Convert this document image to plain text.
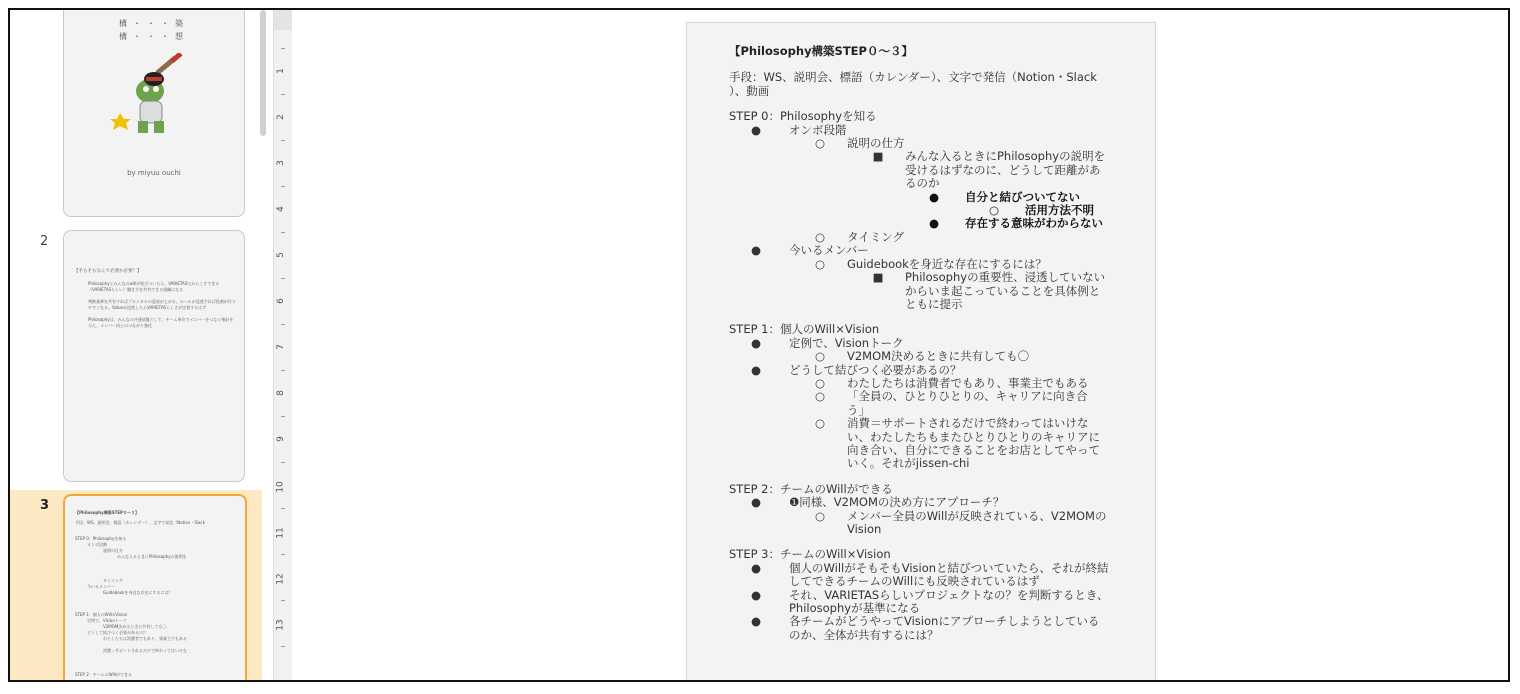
構・・・築
構・・・想
by miyuu ouchi
2
【そもそもなんで必要か必要？】
Philosophyとみんなのwillが結びついたら、VARIETASだからこそできる（VARIETASらしい）働き方を共有できる組織になる
判断基準を共有すればプロトカルの意欲が上がる。ルールが浸透すれば役割が作りやすくなる。Valueが浸透したらVARIETASらしさが定着するはず
Philosophyは、みんなの共通基盤として、チーム単位でメンバーをつなぐ指針を与え、メンバー同士のつながり強化
3	【Philosophy構築STEP０～３】
手段：WS、説明会、標語（カレンダー）、文字で発信（Notion・Slack
STEP 0：Philosophyを知る
オンボ段階
説明の仕方
みんな入るときにPhilosophyの説明を
タイミング
今いるメンバー
Guidebookを身近な存在にするには？
STEP 1：個人のWill×Vision
定例で、Visionトーク
V2MOM決めるときに共有しても〇
どうして結びつく必要があるの？
わたしたちは消費者でもあり、事業主でもある
消費＝サポートされるだけで終わってはいけな
STEP 2：チームのWillができる
1
2
3
4
5
6
7
8
9
10
11
12
13
【Philosophy構築STEP０～３】
手段：WS、説明会、標語（カレンダー）、文字で発信（Notion・Slack
）、動画
STEP 0：Philosophyを知る
● オンボ段階
○ 説明の仕方
■ みんな入るときにPhilosophyの説明を
受けるはずなのに、どうして距離があ
るのか
● 自分と結びついてない
○ 活用方法不明
● 存在する意味がわからない
○ タイミング
● 今いるメンバー
○ Guidebookを身近な存在にするには？
■ Philosophyの重要性、浸透していない
からいま起こっていることを具体例と
ともに提示
STEP 1：個人のWill×Vision
● 定例で、Visionトーク
○ V2MOM決めるときに共有しても〇
● どうして結びつく必要があるの？
○ わたしたちは消費者でもあり、事業主でもある
○ 「全員の、ひとりひとりの、キャリアに向き合
う」
○ 消費＝サポートされるだけで終わってはいけな
い、わたしたちもまたひとりひとりのキャリアに
向き合い、自分にできることをお店としてやって
いく。それがjissen-chi
STEP 2：チームのWillができる
● ❶同様、V2MOMの決め方にアプローチ？
○ メンバー全員のWillが反映されている、V2MOMの
Vision
STEP 3：チームのWill×Vision
● 個人のWillがそもそもVisionと結びついていたら、それが終結
してできるチームのWillにも反映されているはず
● それ、VARIETASらしいプロジェクトなの？を判断するとき、
Philosophyが基準になる
● 各チームがどうやってVisionにアプローチしようとしている
のか、全体が共有するには？
